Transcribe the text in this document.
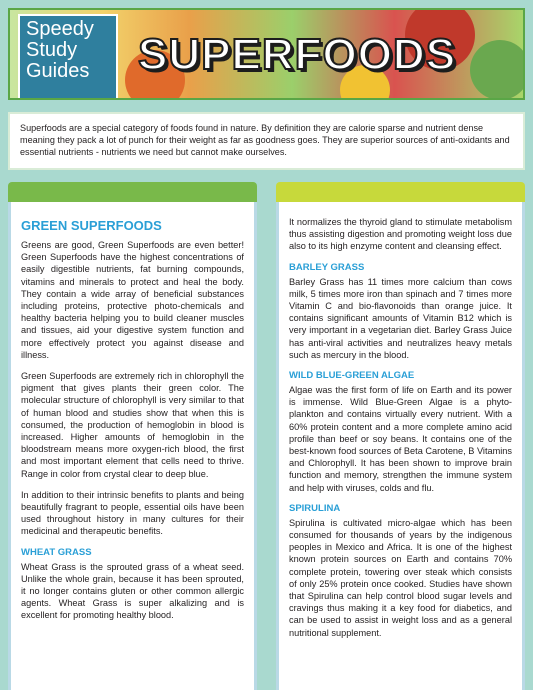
Speedy
Study
Guides	SUPERFOODS
Superfoods are a special category of foods found in nature. By definition they are calorie sparse and nutrient dense meaning they pack a lot of punch for their weight as far as goodness goes. They are superior sources of anti-oxidants and essential nutrients - nutrients we need but cannot make ourselves.
GREEN SUPERFOODS

Greens are good, Green Superfoods are even better! Green Superfoods have the highest concentrations of easily digestible nutrients, fat burning compounds, vitamins and minerals to protect and heal the body. They contain a wide array of beneficial substances including proteins, protective photo-chemicals and healthy bacteria helping you to build cleaner muscles and tissues, aid your digestive system function and more effectively protect you against disease and illness.

Green Superfoods are extremely rich in chlorophyll the pigment that gives plants their green color. The molecular structure of chlorophyll is very similar to that of human blood and studies show that when this is consumed, the production of hemoglobin in blood is increased. Higher amounts of hemoglobin in the bloodstream means more oxygen-rich blood, the first and most important element that cells need to thrive. Range in color from crystal clear to deep blue.

In addition to their intrinsic benefits to plants and being beautifully fragrant to people, essential oils have been used throughout history in many cultures for their medicinal and therapeutic benefits.

WHEAT GRASS

Wheat Grass is the sprouted grass of a wheat seed. Unlike the whole grain, because it has been sprouted, it no longer contains gluten or other common allergic agents. Wheat Grass is super alkalizing and is excellent for promoting healthy blood.

It normalizes the thyroid gland to stimulate metabolism thus assisting digestion and promoting weight loss due also to its high enzyme content and cleansing effect.

BARLEY GRASS

Barley Grass has 11 times more calcium than cows milk, 5 times more iron than spinach and 7 times more Vitamin C and bio-flavonoids than orange juice. It contains significant amounts of Vitamin B12 which is very important in a vegetarian diet. Barley Grass Juice has anti-viral activities and neutralizes heavy metals such as mercury in the blood.

WILD BLUE-GREEN ALGAE

Algae was the first form of life on Earth and its power is immense. Wild Blue-Green Algae is a phyto-plankton and contains virtually every nutrient. With a 60% protein content and a more complete amino acid profile than beef or soy beans. It contains one of the best-known food sources of Beta Carotene, B Vitamins and Chlorophyll. It has been shown to improve brain function and memory, strengthen the immune system and help with viruses, colds and flu.

SPIRULINA

Spirulina is cultivated micro-algae which has been consumed for thousands of years by the indigenous peoples in Mexico and Africa. It is one of the highest known protein sources on Earth and contains 70% complete protein, towering over steak which consists of only 25% protein once cooked. Studies have shown that Spirulina can help control blood sugar levels and cravings thus making it a key food for diabetics, and can be used to assist in weight loss and as a general nutritional supplement.
